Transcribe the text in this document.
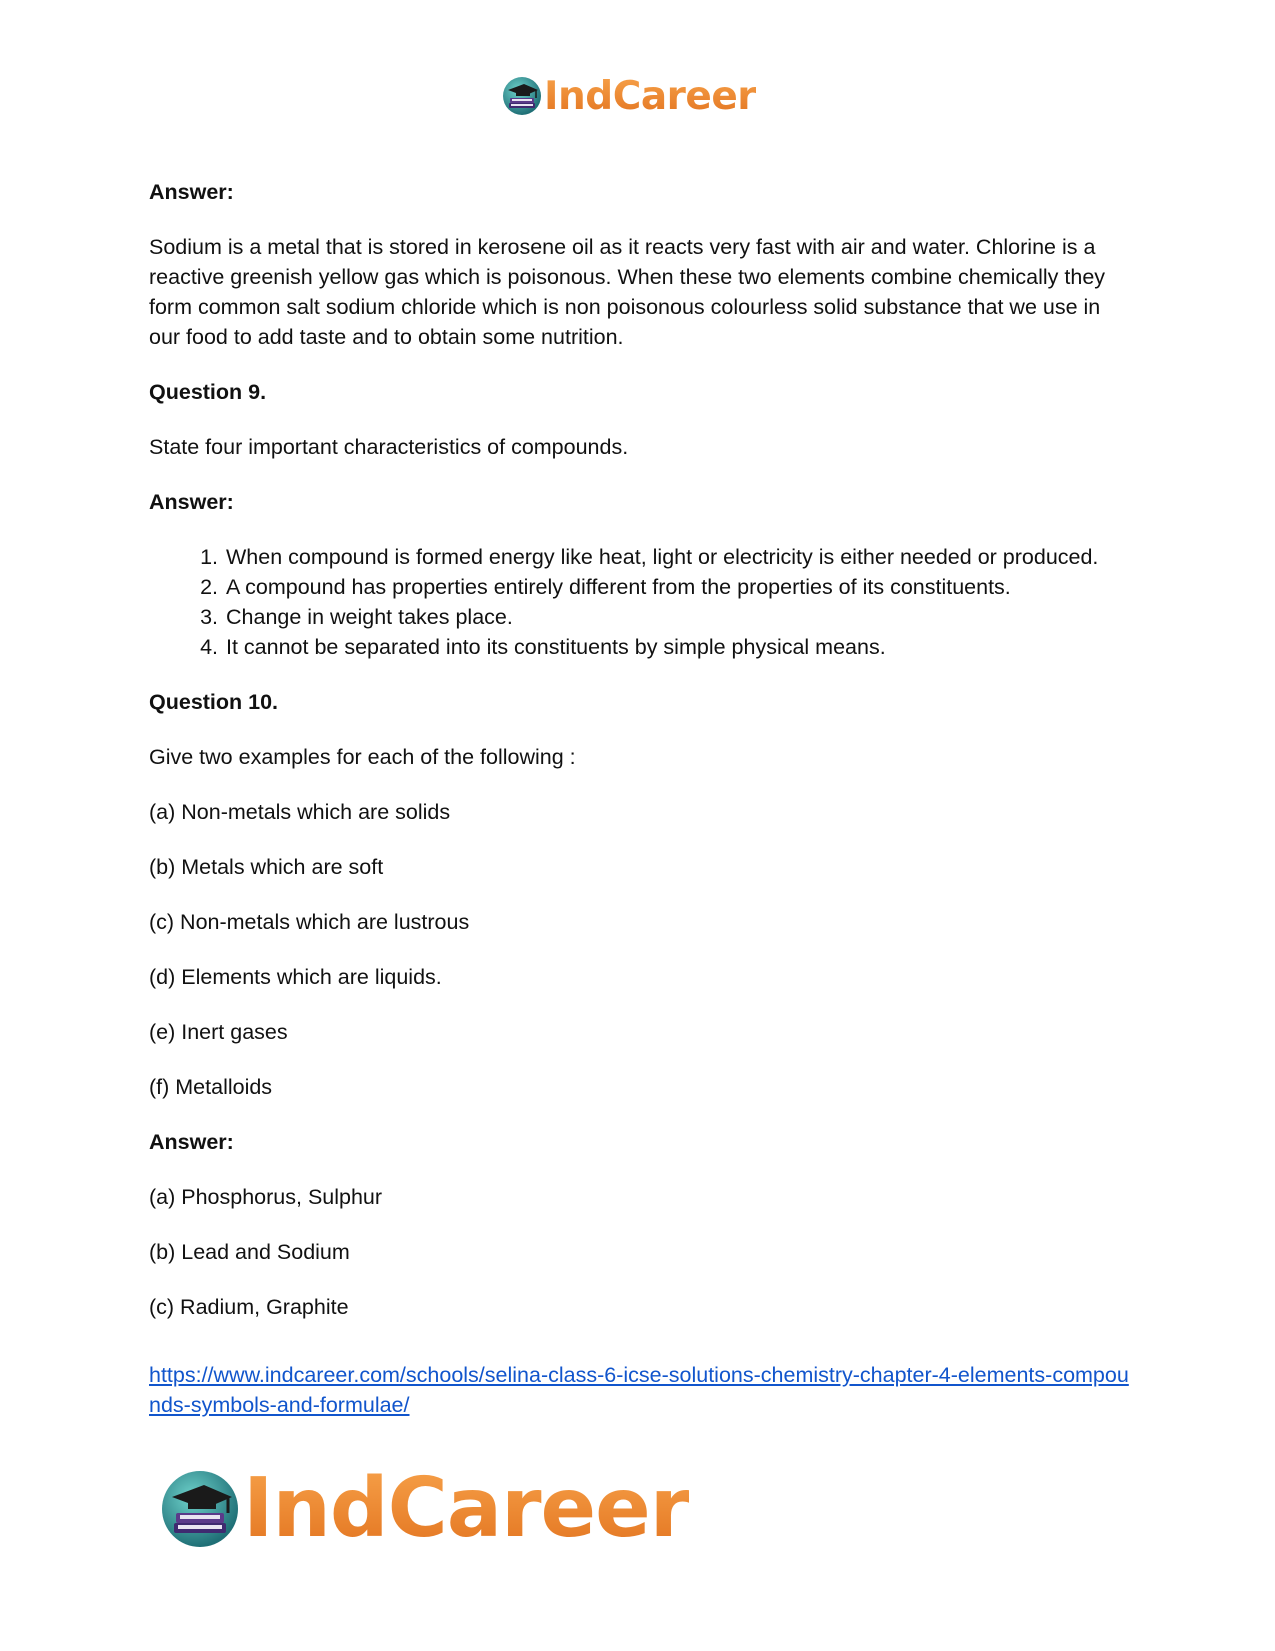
IndCareer

Answer:

Sodium is a metal that is stored in kerosene oil as it reacts very fast with air and water. Chlorine is a reactive greenish yellow gas which is poisonous. When these two elements combine chemically they form common salt sodium chloride which is non poisonous colourless solid substance that we use in our food to add taste and to obtain some nutrition.

Question 9.

State four important characteristics of compounds.

Answer:

1. When compound is formed energy like heat, light or electricity is either needed or produced.
2. A compound has properties entirely different from the properties of its constituents.
3. Change in weight takes place.
4. It cannot be separated into its constituents by simple physical means.

Question 10.

Give two examples for each of the following :

(a) Non-metals which are solids

(b) Metals which are soft

(c) Non-metals which are lustrous

(d) Elements which are liquids.

(e) Inert gases

(f) Metalloids

Answer:

(a) Phosphorus, Sulphur

(b) Lead and Sodium

(c) Radium, Graphite

https://www.indcareer.com/schools/selina-class-6-icse-solutions-chemistry-chapter-4-elements-compounds-symbols-and-formulae/
IndCareer
